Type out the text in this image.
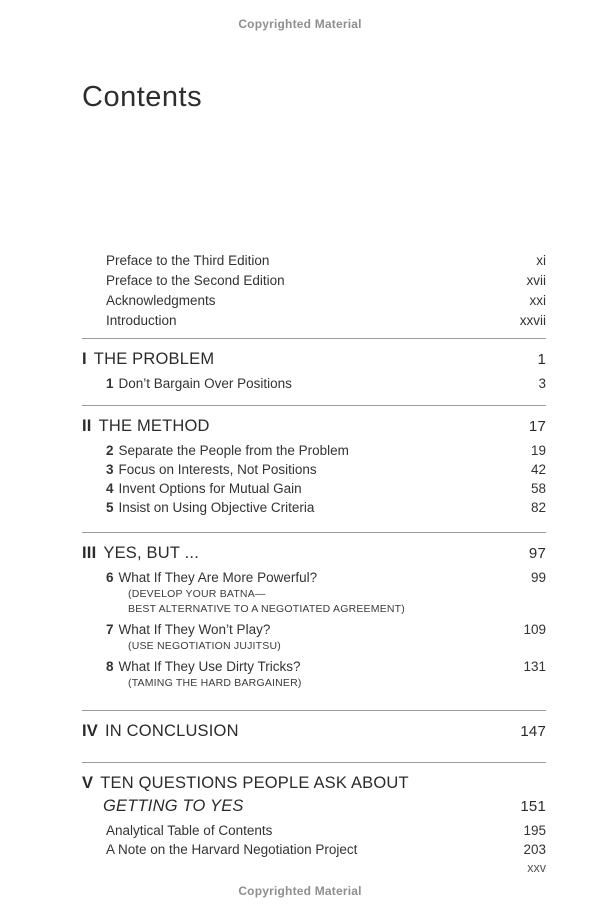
Copyrighted Material
Contents
Preface to the Third Edition	xi
Preface to the Second Edition	xvii
Acknowledgments	xxi
Introduction	xxvii
I THE PROBLEM	1
1 Don’t Bargain Over Positions	3
II THE METHOD	17
2 Separate the People from the Problem	19
3 Focus on Interests, Not Positions	42
4 Invent Options for Mutual Gain	58
5 Insist on Using Objective Criteria	82
III YES, BUT ...	97
6 What If They Are More Powerful?	99
(DEVELOP YOUR BATNA—
BEST ALTERNATIVE TO A NEGOTIATED AGREEMENT)
7 What If They Won’t Play?	109
(USE NEGOTIATION JUJITSU)
8 What If They Use Dirty Tricks?	131
(TAMING THE HARD BARGAINER)
IV IN CONCLUSION	147
V TEN QUESTIONS PEOPLE ASK ABOUT
GETTING TO YES	151
Analytical Table of Contents	195
A Note on the Harvard Negotiation Project	203
xxv
Copyrighted Material
